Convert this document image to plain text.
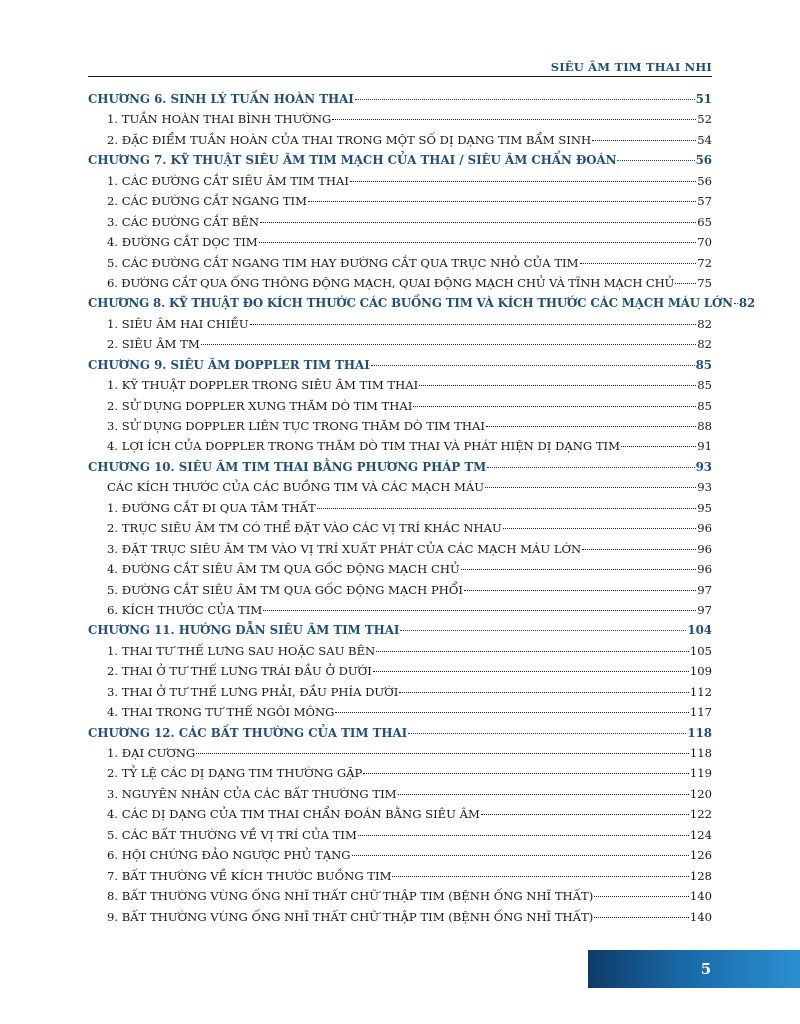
SIÊU ÂM TIM THAI NHI
CHƯƠNG 6. SINH LÝ TUẦN HOÀN THAI	51
1. TUẦN HOÀN THAI BÌNH THƯỜNG	52
2. ĐẶC ĐIỂM TUẦN HOÀN CỦA THAI TRONG MỘT SỐ DỊ DẠNG TIM BẨM SINH	54
CHƯƠNG 7. KỸ THUẬT SIÊU ÂM TIM MẠCH CỦA THAI / SIÊU ÂM CHẨN ĐOÁN	56
1. CÁC ĐƯỜNG CẮT SIÊU ÂM TIM THAI	56
2. CÁC ĐƯỜNG CẮT NGANG TIM	57
3. CÁC ĐƯỜNG CẮT BÊN	65
4. ĐƯỜNG CẮT DỌC TIM	70
5. CÁC ĐƯỜNG CẮT NGANG TIM HAY ĐƯỜNG CẮT QUA TRỤC NHỎ CỦA TIM	72
6. ĐƯỜNG CẮT QUA ỐNG THÔNG ĐỘNG MẠCH, QUAI ĐỘNG MẠCH CHỦ VÀ TĨNH MẠCH CHỦ 75
CHƯƠNG 8. KỸ THUẬT ĐO KÍCH THƯỚC CÁC BUỒNG TIM VÀ KÍCH THƯỚC CÁC MẠCH MÁU LỚN 82
1. SIÊU ÂM HAI CHIỀU	82
2. SIÊU ÂM TM	82
CHƯƠNG 9. SIÊU ÂM DOPPLER TIM THAI	85
1. KỸ THUẬT DOPPLER TRONG SIÊU ÂM TIM THAI	85
2. SỬ DỤNG DOPPLER XUNG THĂM DÒ TIM THAI	85
3. SỬ DỤNG DOPPLER LIÊN TỤC TRONG THĂM DÒ TIM THAI	88
4. LỢI ÍCH CỦA DOPPLER TRONG THĂM DÒ TIM THAI VÀ PHÁT HIỆN DỊ DẠNG TIM	91
CHƯƠNG 10. SIÊU ÂM TIM THAI BẰNG PHƯƠNG PHÁP TM	93
CÁC KÍCH THƯỚC CỦA CÁC BUỒNG TIM VÀ CÁC MẠCH MÁU	93
1. ĐƯỜNG CẮT ĐI QUA TÂM THẤT	95
2. TRỤC SIÊU ÂM TM CÓ THỂ ĐẶT VÀO CÁC VỊ TRÍ KHÁC NHAU	96
3. ĐẶT TRỤC SIÊU ÂM TM VÀO VỊ TRÍ XUẤT PHÁT CỦA CÁC MẠCH MÁU LỚN	96
4. ĐƯỜNG CẮT SIÊU ÂM TM QUA GỐC ĐỘNG MẠCH CHỦ	96
5. ĐƯỜNG CẮT SIÊU ÂM TM QUA GỐC ĐỘNG MẠCH PHỔI	97
6. KÍCH THƯỚC CỦA TIM	97
CHƯƠNG 11. HƯỚNG DẪN SIÊU ÂM TIM THAI	104
1. THAI TƯ THẾ LƯNG SAU HOẶC SAU BÊN	105
2. THAI Ở TƯ THẾ LƯNG TRÁI ĐẦU Ở DƯỚI	109
3. THAI Ở TƯ THẾ LƯNG PHẢI, ĐẦU PHÍA DƯỚI	112
4. THAI TRONG TƯ THẾ NGÔI MÔNG	117
CHƯƠNG 12. CÁC BẤT THƯỜNG CỦA TIM THAI	118
1. ĐẠI CƯƠNG	118
2. TỶ LỆ CÁC DỊ DẠNG TIM THƯỜNG GẶP	119
3. NGUYÊN NHÂN CỦA CÁC BẤT THƯỜNG TIM	120
4. CÁC DỊ DẠNG CỦA TIM THAI CHẨN ĐOÁN BẰNG SIÊU ÂM	122
5. CÁC BẤT THƯỜNG VỀ VỊ TRÍ CỦA TIM	124
6. HỘI CHỨNG ĐẢO NGƯỢC PHỦ TẠNG	126
7. BẤT THƯỜNG VỀ KÍCH THƯỚC BUỒNG TIM	128
8. BẤT THƯỜNG VÙNG ỐNG NHĨ THẤT CHỮ THẬP TIM (BỆNH ỐNG NHĨ THẤT)	140
9. BẤT THƯỜNG VÙNG ỐNG NHĨ THẤT CHỮ THẬP TIM (BỆNH ỐNG NHĨ THẤT)	140
5
